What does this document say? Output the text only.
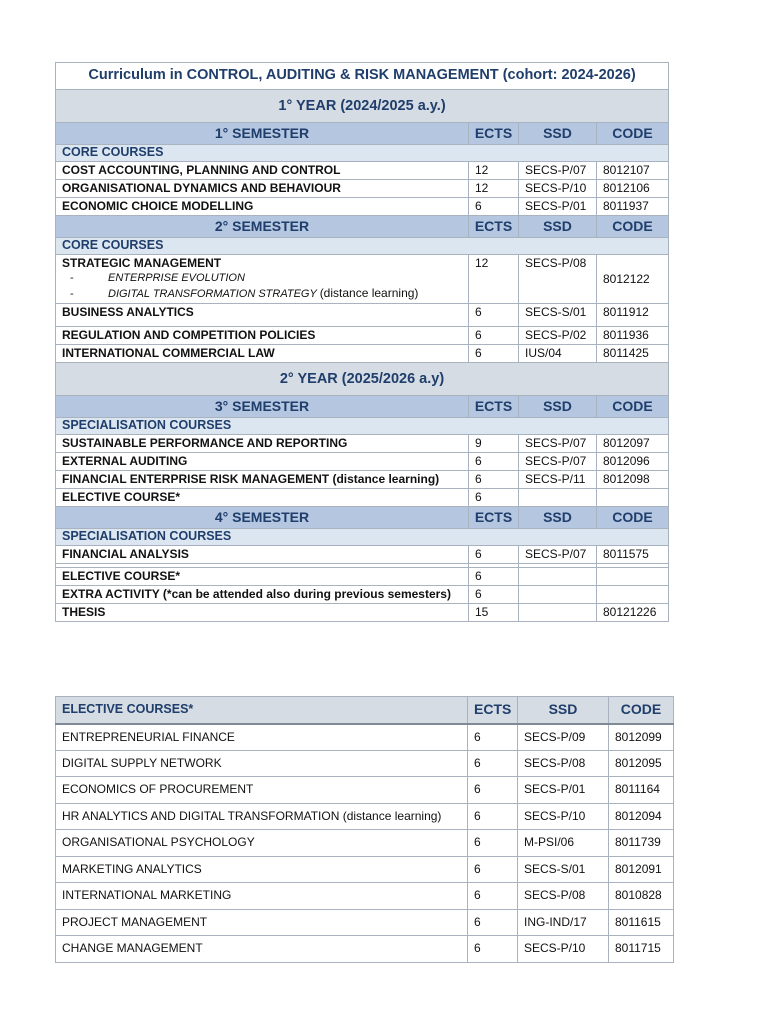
Curriculum in CONTROL, AUDITING & RISK MANAGEMENT (cohort: 2024-2026)			
1° YEAR (2024/2025 a.y.)			
1° SEMESTER	ECTS	SSD	CODE
CORE COURSES			
COST ACCOUNTING, PLANNING AND CONTROL	12	SECS-P/07	8012107
ORGANISATIONAL DYNAMICS AND BEHAVIOUR	12	SECS-P/10	8012106
ECONOMIC CHOICE MODELLING	6	SECS-P/01	8011937
2° SEMESTER	ECTS	SSD	CODE
CORE COURSES			

STRATEGIC MANAGEMENT
- ENTERPRISE EVOLUTION
- DIGITAL TRANSFORMATION STRATEGY (distance learning)	12	SECS-P/08	8012122
BUSINESS ANALYTICS	6	SECS-S/01	8011912
REGULATION AND COMPETITION POLICIES	6	SECS-P/02	8011936
INTERNATIONAL COMMERCIAL LAW	6	IUS/04	8011425
2° YEAR (2025/2026 a.y)			
3° SEMESTER	ECTS	SSD	CODE
SPECIALISATION COURSES			
SUSTAINABLE PERFORMANCE AND REPORTING	9	SECS-P/07	8012097
EXTERNAL AUDITING	6	SECS-P/07	8012096
FINANCIAL ENTERPRISE RISK MANAGEMENT (distance learning)	6	SECS-P/11	8012098
ELECTIVE COURSE*	6		
4° SEMESTER	ECTS	SSD	CODE
SPECIALISATION COURSES			
FINANCIAL ANALYSIS	6	SECS-P/07	8011575

ELECTIVE COURSE*	6		
EXTRA ACTIVITY (*can be attended also during previous semesters)	6		
THESIS	15		80121226
ELECTIVE COURSES*	ECTS	SSD	CODE
ENTREPRENEURIAL FINANCE	6	SECS-P/09	8012099
DIGITAL SUPPLY NETWORK	6	SECS-P/08	8012095
ECONOMICS OF PROCUREMENT	6	SECS-P/01	8011164
HR ANALYTICS AND DIGITAL TRANSFORMATION (distance learning)	6	SECS-P/10	8012094
ORGANISATIONAL PSYCHOLOGY	6	M-PSI/06	8011739
MARKETING ANALYTICS	6	SECS-S/01	8012091
INTERNATIONAL MARKETING	6	SECS-P/08	8010828
PROJECT MANAGEMENT	6	ING-IND/17	8011615
CHANGE MANAGEMENT	6	SECS-P/10	8011715
